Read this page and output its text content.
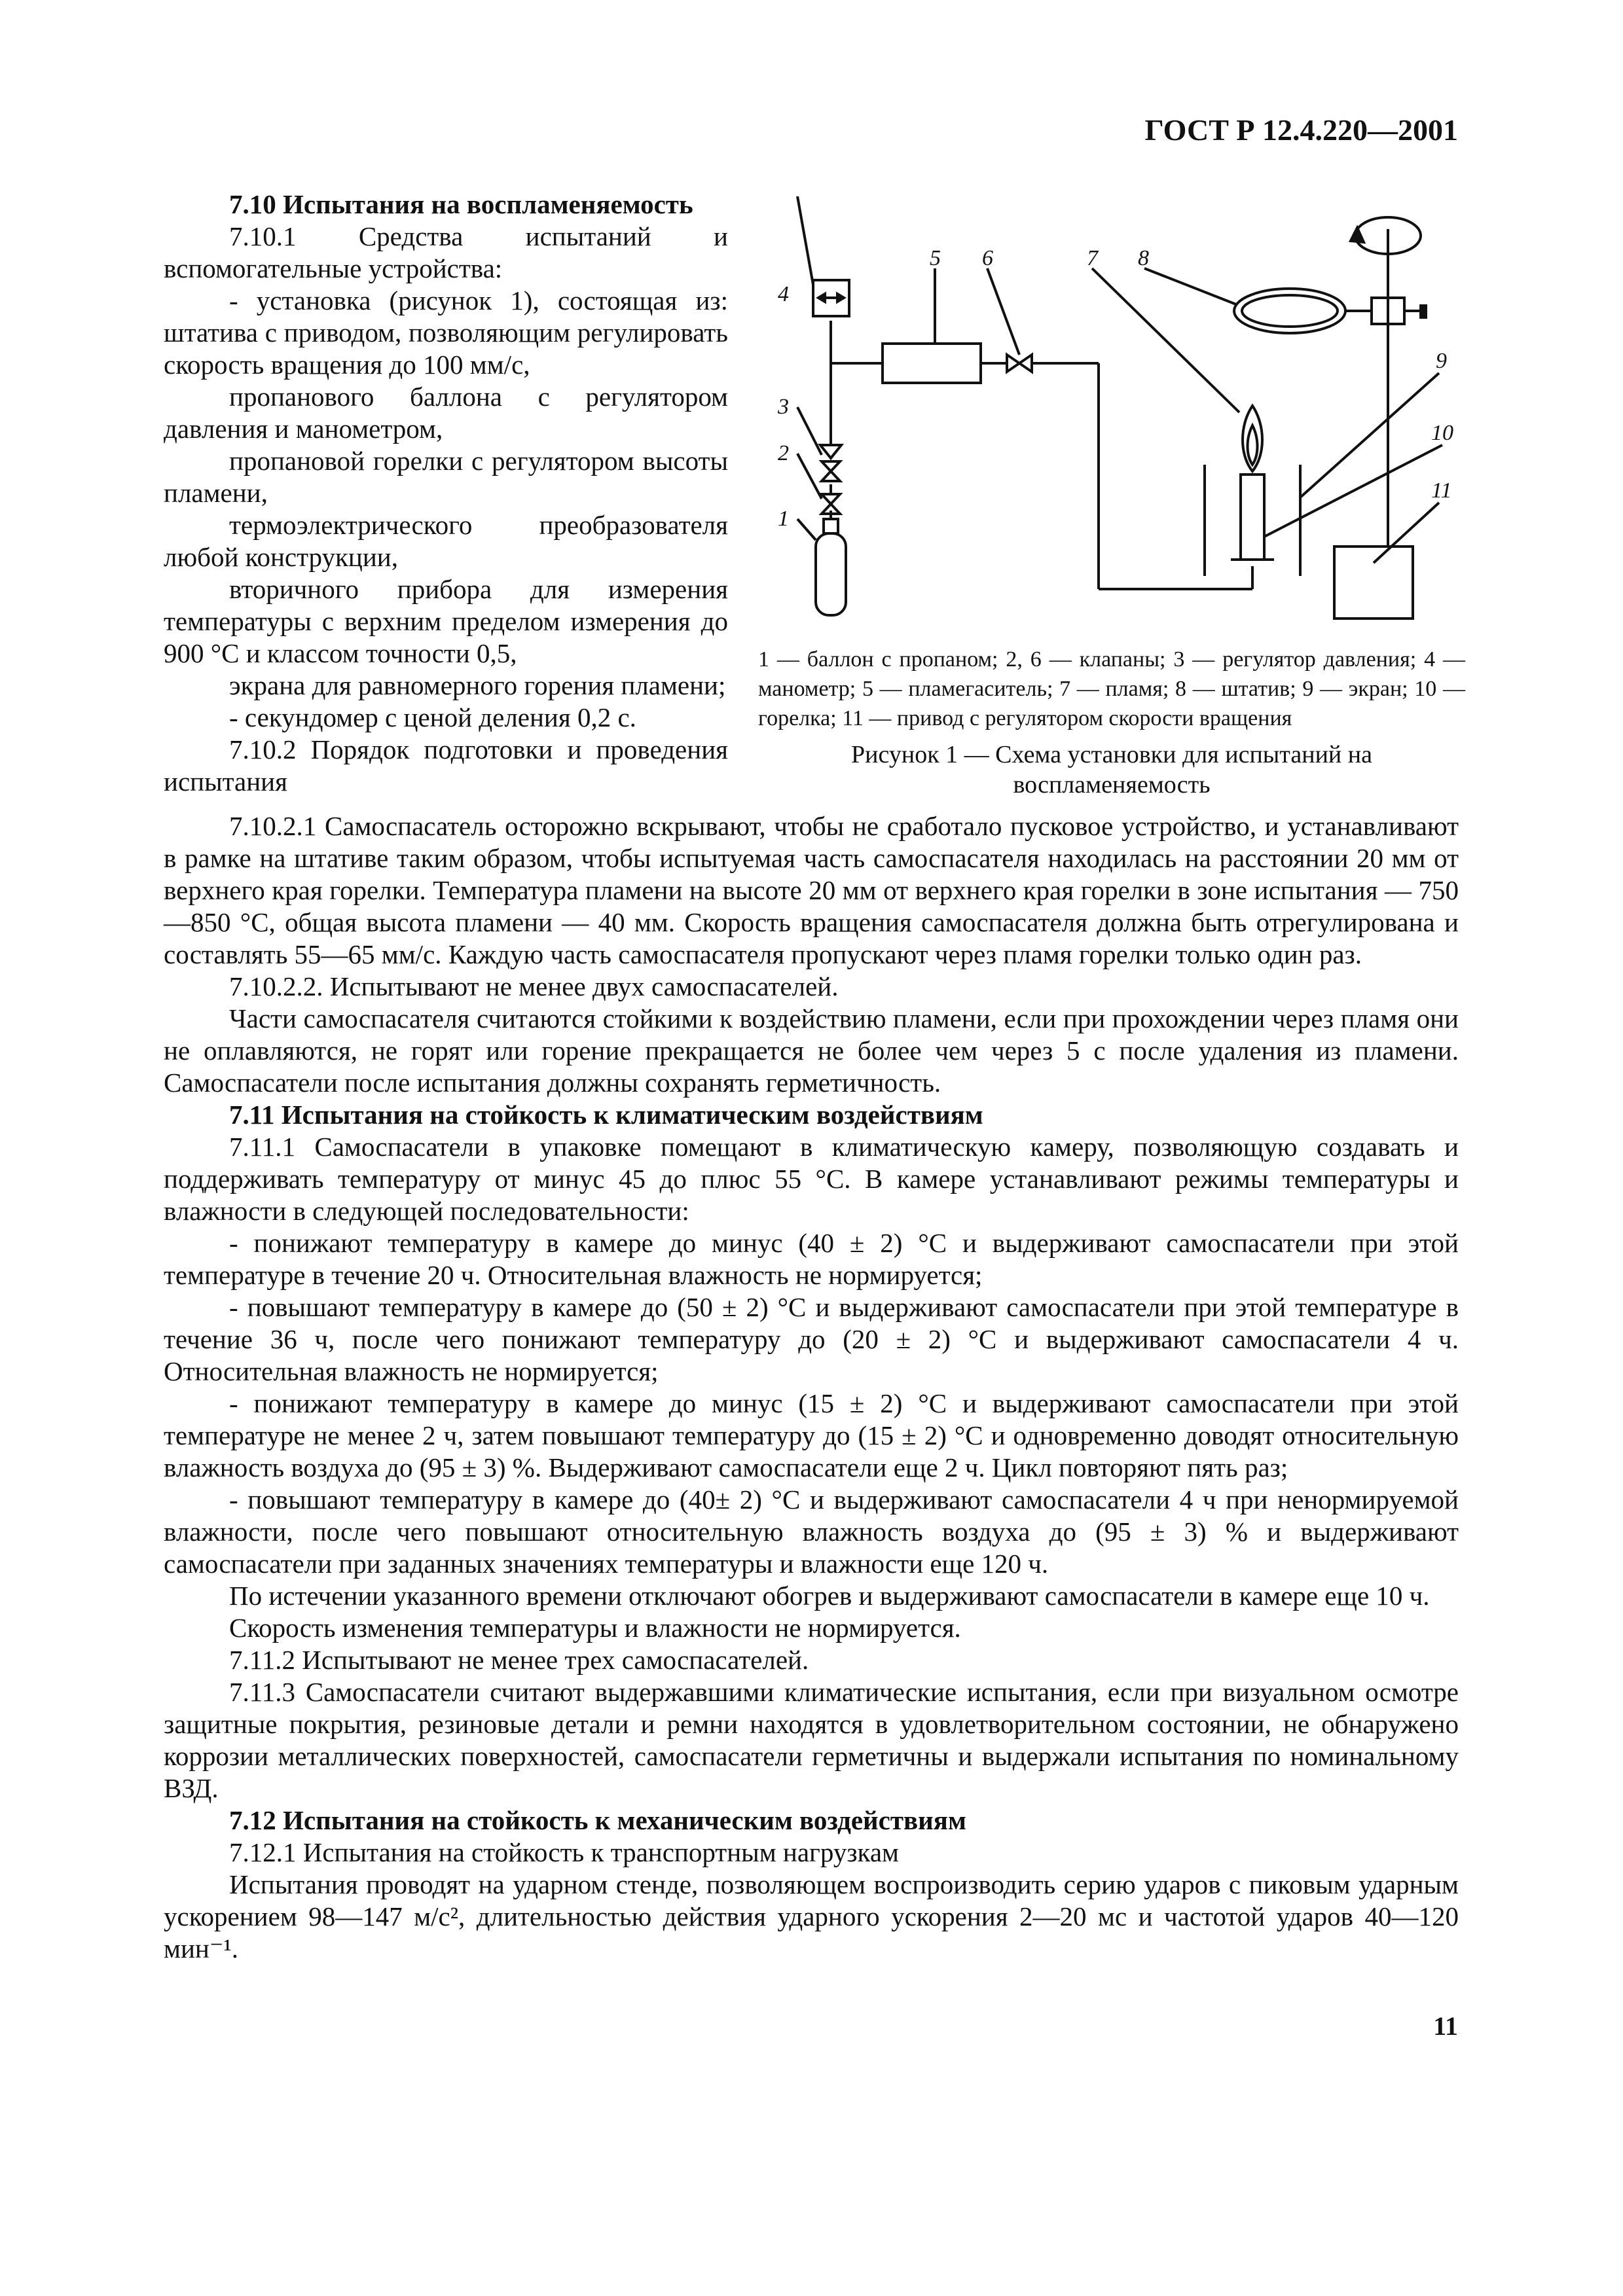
ГОСТ Р 12.4.220—2001

7.10 Испытания на воспламеняемость

7.10.1 Средства испытаний и вспомогательные устройства:

- установка (рисунок 1), состоящая из: штатива с приводом, позволяющим регулировать скорость вращения до 100 мм/с,

пропанового баллона с регулятором давления и манометром,

пропановой горелки с регулятором высоты пламени,

термоэлектрического преобразователя любой конструкции,

вторичного прибора для измерения температуры с верхним пределом измерения до 900 °С и классом точности 0,5,

экрана для равномерного горения пламени;

- секундомер с ценой деления 0,2 с.

7.10.2 Порядок подготовки и проведения испытания

4
3
2
1
5 6	7 8
9
10
11
1 — баллон с пропаном; 2, 6 — клапаны; 3 — регулятор давления; 4 — манометр; 5 — пламегаситель; 7 — пламя; 8 — штатив; 9 — экран; 10 — горелка; 11 — привод с регулятором скорости вращения
Рисунок 1 — Схема установки для испытаний на воспламеняемость

7.10.2.1 Самоспасатель осторожно вскрывают, чтобы не сработало пусковое устройство, и устанавливают в рамке на штативе таким образом, чтобы испытуемая часть самоспасателя находилась на расстоянии 20 мм от верхнего края горелки. Температура пламени на высоте 20 мм от верхнего края горелки в зоне испытания — 750—850 °С, общая высота пламени — 40 мм. Скорость вращения самоспасателя должна быть отрегулирована и составлять 55—65 мм/с. Каждую часть самоспасателя пропускают через пламя горелки только один раз.

7.10.2.2. Испытывают не менее двух самоспасателей.

Части самоспасателя считаются стойкими к воздействию пламени, если при прохождении через пламя они не оплавляются, не горят или горение прекращается не более чем через 5 с после удаления из пламени. Самоспасатели после испытания должны сохранять герметичность.

7.11 Испытания на стойкость к климатическим воздействиям

7.11.1 Самоспасатели в упаковке помещают в климатическую камеру, позволяющую создавать и поддерживать температуру от минус 45 до плюс 55 °С. В камере устанавливают режимы температуры и влажности в следующей последовательности:

- понижают температуру в камере до минус (40 ± 2) °С и выдерживают самоспасатели при этой температуре в течение 20 ч. Относительная влажность не нормируется;

- повышают температуру в камере до (50 ± 2) °С и выдерживают самоспасатели при этой температуре в течение 36 ч, после чего понижают температуру до (20 ± 2) °С и выдерживают самоспасатели 4 ч. Относительная влажность не нормируется;

- понижают температуру в камере до минус (15 ± 2) °С и выдерживают самоспасатели при этой температуре не менее 2 ч, затем повышают температуру до (15 ± 2) °С и одновременно доводят относительную влажность воздуха до (95 ± 3) %. Выдерживают самоспасатели еще 2 ч. Цикл повторяют пять раз;

- повышают температуру в камере до (40± 2) °С и выдерживают самоспасатели 4 ч при ненормируемой влажности, после чего повышают относительную влажность воздуха до (95 ± 3) % и выдерживают самоспасатели при заданных значениях температуры и влажности еще 120 ч.

По истечении указанного времени отключают обогрев и выдерживают самоспасатели в камере еще 10 ч.

Скорость изменения температуры и влажности не нормируется.

7.11.2 Испытывают не менее трех самоспасателей.

7.11.3 Самоспасатели считают выдержавшими климатические испытания, если при визуальном осмотре защитные покрытия, резиновые детали и ремни находятся в удовлетворительном состоянии, не обнаружено коррозии металлических поверхностей, самоспасатели герметичны и выдержали испытания по номинальному ВЗД.

7.12 Испытания на стойкость к механическим воздействиям

7.12.1 Испытания на стойкость к транспортным нагрузкам

Испытания проводят на ударном стенде, позволяющем воспроизводить серию ударов с пиковым ударным ускорением 98—147 м/с², длительностью действия ударного ускорения 2—20 мс и частотой ударов 40—120 мин⁻¹.

11
